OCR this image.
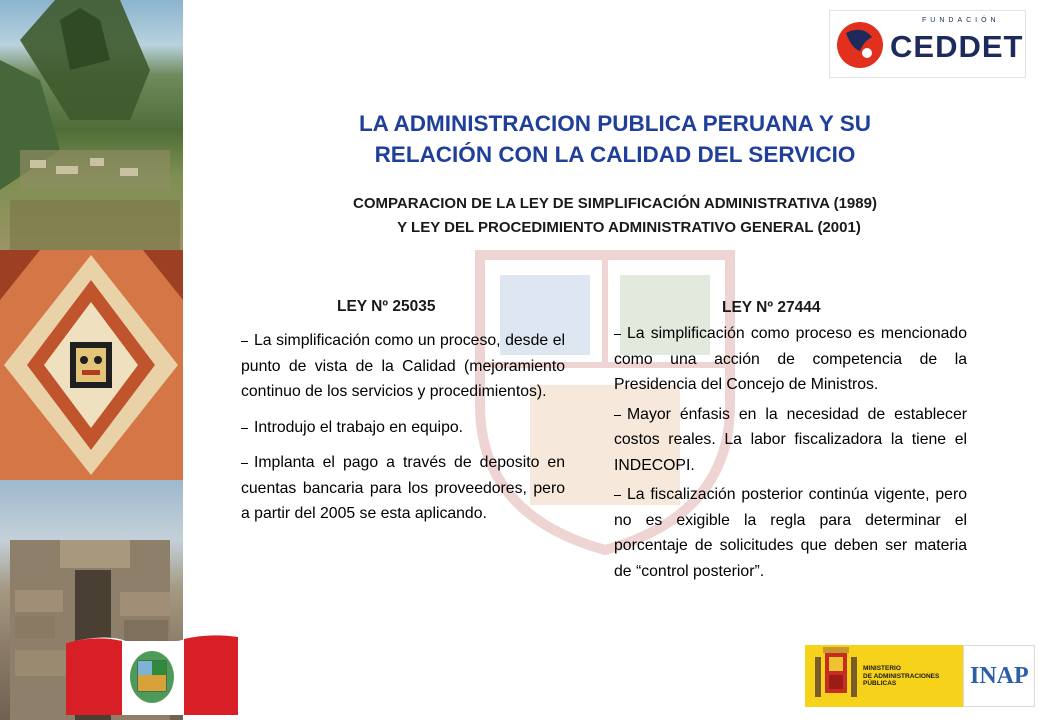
FUNDACIÓN
CEDDET
LA ADMINISTRACION PUBLICA PERUANA Y SU
RELACIÓN CON LA CALIDAD DEL SERVICIO
COMPARACION DE LA LEY DE SIMPLIFICACIÓN ADMINISTRATIVA (1989)
Y LEY DEL PROCEDIMIENTO ADMINISTRATIVO GENERAL (2001)
LEY Nº 25035
La simplificación como un proceso, desde el punto de vista de la Calidad (mejoramiento continuo de los servicios y procedimientos).
Introdujo el trabajo en equipo.
Implanta el pago a través de deposito en cuentas bancaria para los proveedores, pero a partir del 2005 se esta aplicando.
LEY Nº 27444
La simplificación como proceso es mencionado como una acción de competencia de la Presidencia del Concejo de Ministros.
Mayor énfasis en la necesidad de establecer costos reales. La labor fiscalizadora la tiene el INDECOPI.
La fiscalización posterior continúa vigente, pero no es exigible la regla para determinar el porcentaje de solicitudes que deben ser materia de “control posterior”.
MINISTERIO
DE ADMINISTRACIONES
PÚBLICAS	INAP
